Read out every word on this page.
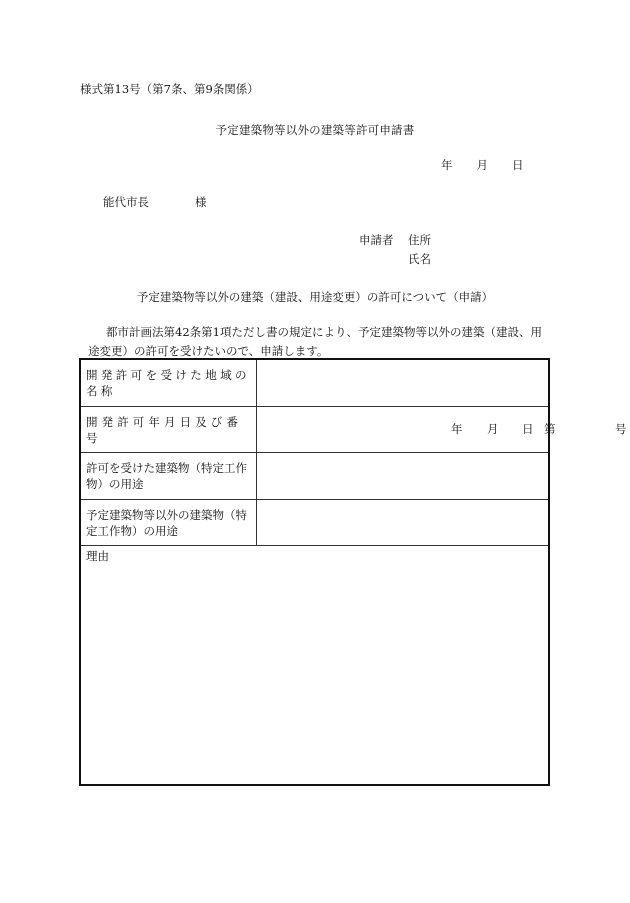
様式第13号（第7条、第9条関係）
予定建築物等以外の建築等許可申請書
年 月 日
能代市長	様
申請者 住所
氏名
予定建築物等以外の建築（建設、用途変更）の許可について（申請）
都市計画法第42条第1項ただし書の規定により、予定建築物等以外の建築（建設、用途変更）の許可を受けたいので、申請します。
開発許可を受けた地域の名称
開発許可年月日及び番号
年 月 日 第	号
許可を受けた建築物（特定工作物）の用途
予定建築物等以外の建築物（特定工作物）の用途
理由
